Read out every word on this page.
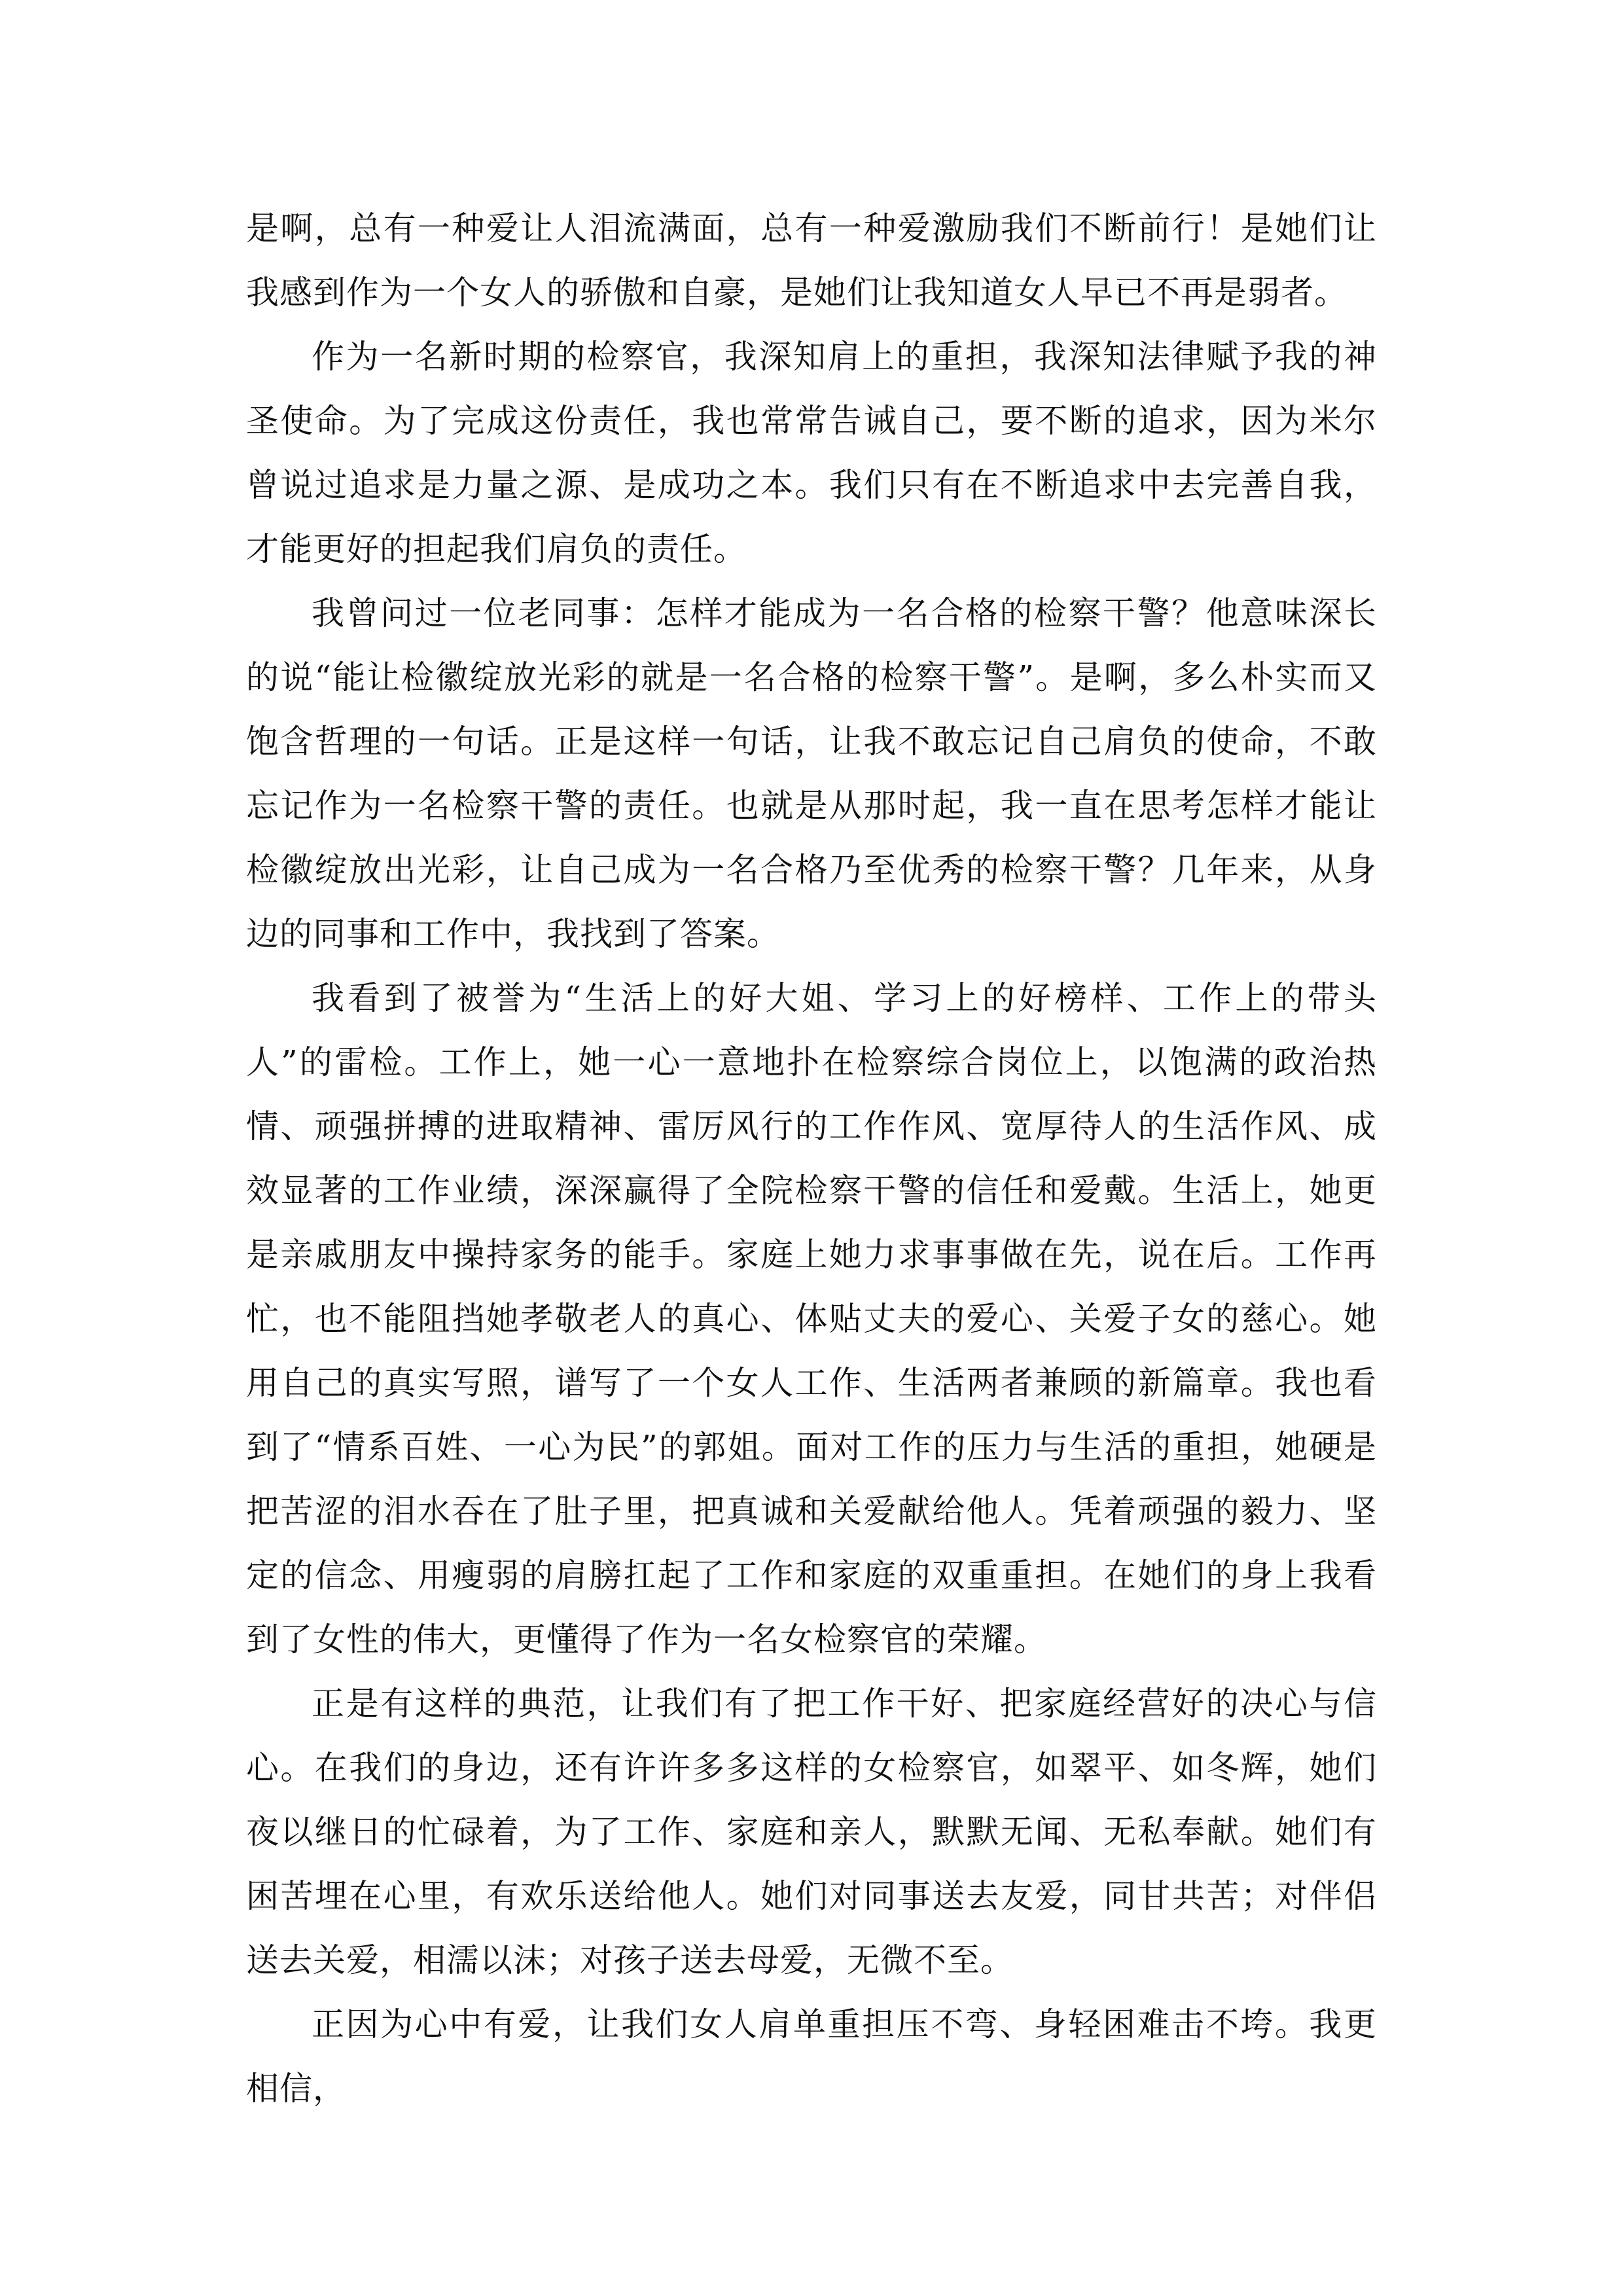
是啊，总有一种爱让人泪流满面，总有一种爱激励我们不断前行！是她们让我感到作为一个女人的骄傲和自豪，是她们让我知道女人早已不再是弱者。

作为一名新时期的检察官，我深知肩上的重担，我深知法律赋予我的神圣使命。为了完成这份责任，我也常常告诫自己，要不断的追求，因为米尔曾说过追求是力量之源、是成功之本。我们只有在不断追求中去完善自我，才能更好的担起我们肩负的责任。

我曾问过一位老同事：怎样才能成为一名合格的检察干警？他意味深长的说“能让检徽绽放光彩的就是一名合格的检察干警”。是啊，多么朴实而又饱含哲理的一句话。正是这样一句话，让我不敢忘记自己肩负的使命，不敢忘记作为一名检察干警的责任。也就是从那时起，我一直在思考怎样才能让检徽绽放出光彩，让自己成为一名合格乃至优秀的检察干警？几年来，从身边的同事和工作中，我找到了答案。

我看到了被誉为“生活上的好大姐、学习上的好榜样、工作上的带头人”的雷检。工作上，她一心一意地扑在检察综合岗位上，以饱满的政治热情、顽强拼搏的进取精神、雷厉风行的工作作风、宽厚待人的生活作风、成效显著的工作业绩，深深赢得了全院检察干警的信任和爱戴。生活上，她更是亲戚朋友中操持家务的能手。家庭上她力求事事做在先，说在后。工作再忙，也不能阻挡她孝敬老人的真心、体贴丈夫的爱心、关爱子女的慈心。她用自己的真实写照，谱写了一个女人工作、生活两者兼顾的新篇章。我也看到了“情系百姓、一心为民”的郭姐。面对工作的压力与生活的重担，她硬是把苦涩的泪水吞在了肚子里，把真诚和关爱献给他人。凭着顽强的毅力、坚定的信念、用瘦弱的肩膀扛起了工作和家庭的双重重担。在她们的身上我看到了女性的伟大，更懂得了作为一名女检察官的荣耀。

正是有这样的典范，让我们有了把工作干好、把家庭经营好的决心与信心。在我们的身边，还有许许多多这样的女检察官，如翠平、如冬辉，她们夜以继日的忙碌着，为了工作、家庭和亲人，默默无闻、无私奉献。她们有困苦埋在心里，有欢乐送给他人。她们对同事送去友爱，同甘共苦；对伴侣送去关爱，相濡以沫；对孩子送去母爱，无微不至。

正因为心中有爱，让我们女人肩单重担压不弯、身轻困难击不垮。我更相信，
